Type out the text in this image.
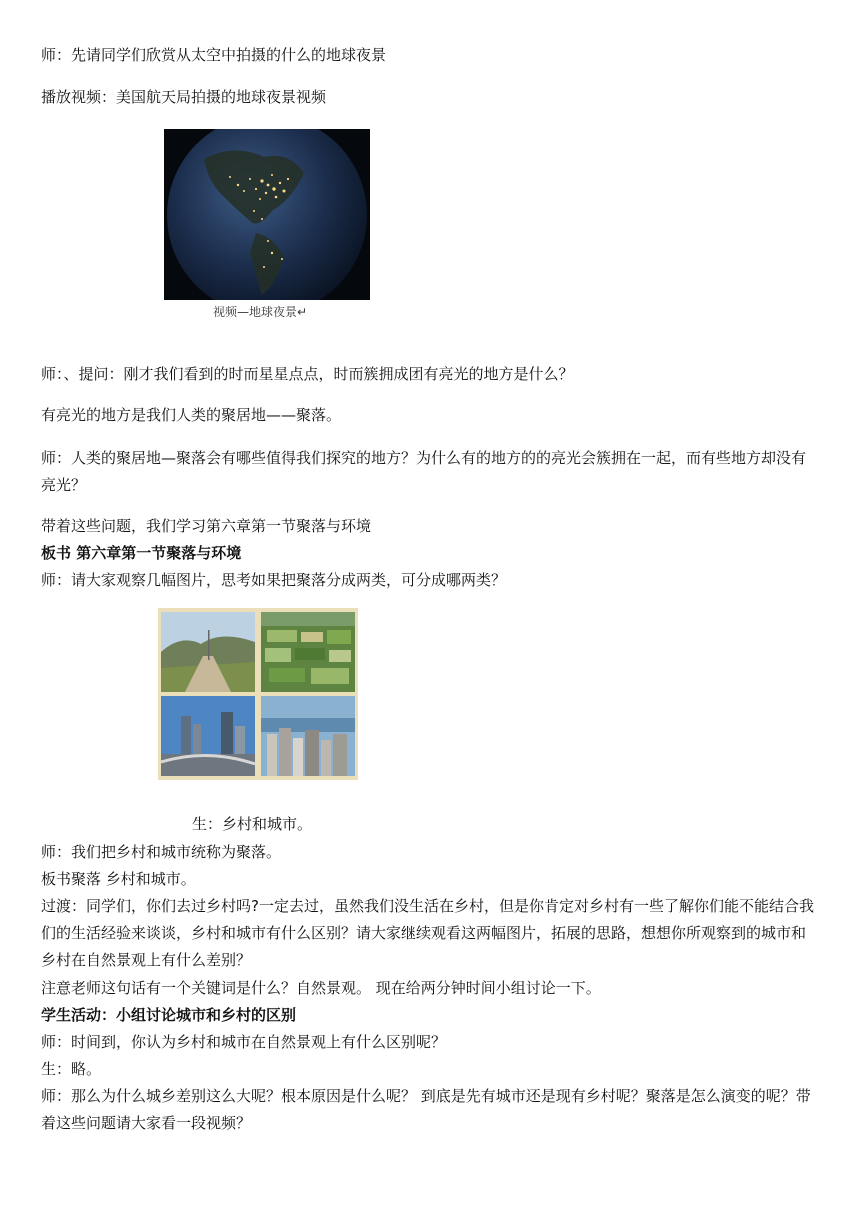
师：先请同学们欣赏从太空中拍摄的什么的地球夜景
播放视频：美国航天局拍摄的地球夜景视频
视频—地球夜景↵
师：、提问：刚才我们看到的时而星星点点，时而簇拥成团有亮光的地方是什么？
有亮光的地方是我们人类的聚居地——聚落。
师：人类的聚居地—聚落会有哪些值得我们探究的地方？为什么有的地方的的亮光会簇拥在一起，而有些地方却没有亮光？
带着这些问题，我们学习第六章第一节聚落与环境
板书 第六章第一节聚落与环境
师：请大家观察几幅图片，思考如果把聚落分成两类，可分成哪两类？
生：乡村和城市。
师：我们把乡村和城市统称为聚落。
板书聚落 乡村和城市。
过渡：同学们，你们去过乡村吗?一定去过，虽然我们没生活在乡村，但是你肯定对乡村有一些了解你们能不能结合我们的生活经验来谈谈，乡村和城市有什么区别？请大家继续观看这两幅图片，拓展的思路，想想你所观察到的城市和乡村在自然景观上有什么差别？
注意老师这句话有一个关键词是什么？自然景观。 现在给两分钟时间小组讨论一下。
学生活动：小组讨论城市和乡村的区别
师：时间到，你认为乡村和城市在自然景观上有什么区别呢？
生：略。
师：那么为什么城乡差别这么大呢？根本原因是什么呢？ 到底是先有城市还是现有乡村呢？聚落是怎么演变的呢？带着这些问题请大家看一段视频？
